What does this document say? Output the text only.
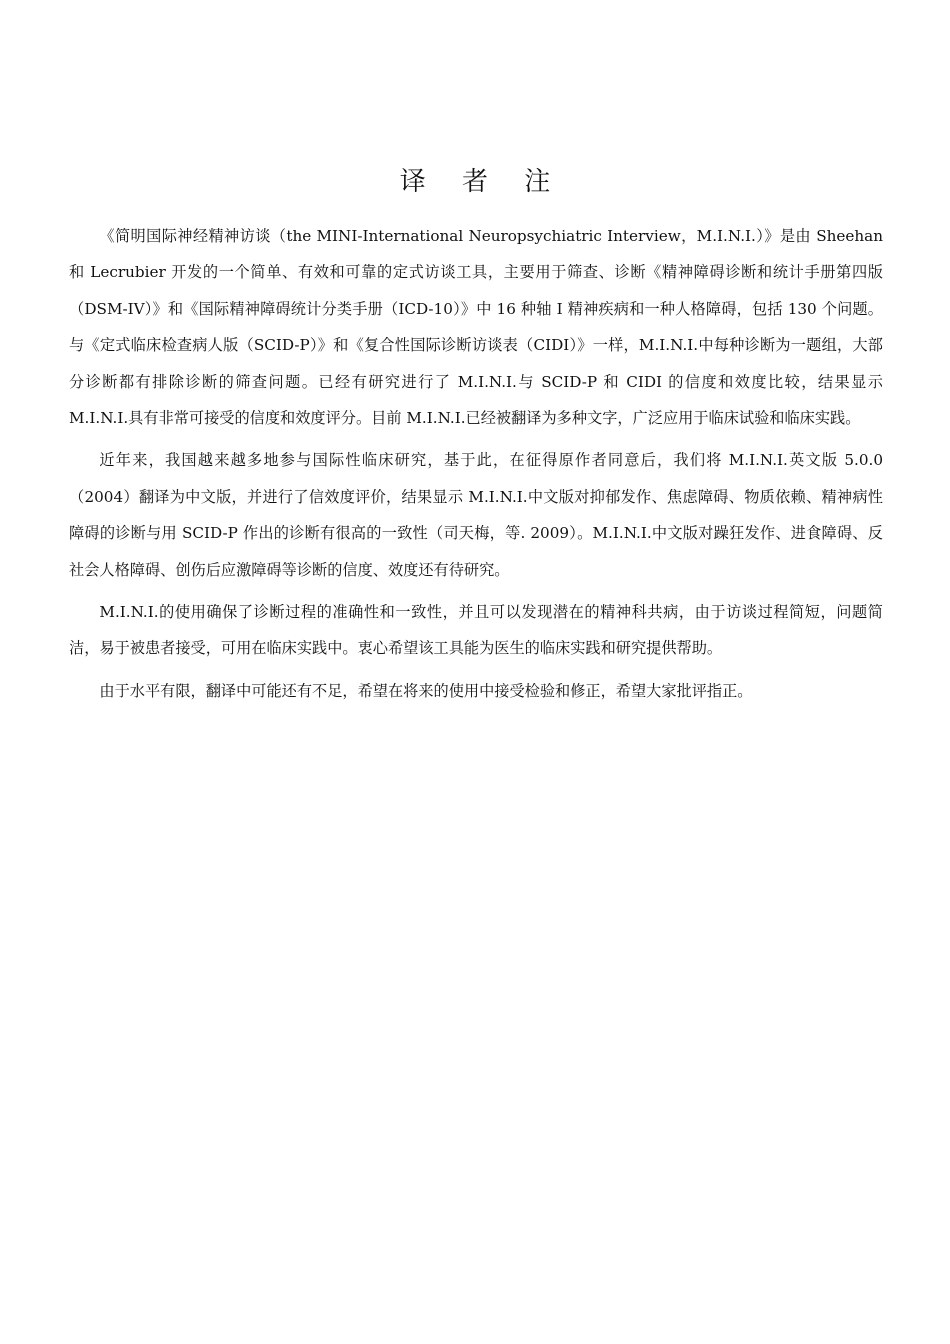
译 者 注

《简明国际神经精神访谈（the MINI-International Neuropsychiatric Interview，M.I.N.I.）》是由 Sheehan 和 Lecrubier 开发的一个简单、有效和可靠的定式访谈工具，主要用于筛查、诊断《精神障碍诊断和统计手册第四版（DSM-IV）》和《国际精神障碍统计分类手册（ICD-10）》中 16 种轴 I 精神疾病和一种人格障碍，包括 130 个问题。与《定式临床检查病人版（SCID-P）》和《复合性国际诊断访谈表（CIDI）》一样，M.I.N.I.中每种诊断为一题组，大部分诊断都有排除诊断的筛查问题。已经有研究进行了 M.I.N.I.与 SCID-P 和 CIDI 的信度和效度比较，结果显示 M.I.N.I.具有非常可接受的信度和效度评分。目前 M.I.N.I.已经被翻译为多种文字，广泛应用于临床试验和临床实践。

近年来，我国越来越多地参与国际性临床研究，基于此，在征得原作者同意后，我们将 M.I.N.I.英文版 5.0.0（2004）翻译为中文版，并进行了信效度评价，结果显示 M.I.N.I.中文版对抑郁发作、焦虑障碍、物质依赖、精神病性障碍的诊断与用 SCID-P 作出的诊断有很高的一致性（司天梅，等. 2009）。M.I.N.I.中文版对躁狂发作、进食障碍、反社会人格障碍、创伤后应激障碍等诊断的信度、效度还有待研究。

M.I.N.I.的使用确保了诊断过程的准确性和一致性，并且可以发现潜在的精神科共病，由于访谈过程简短，问题简洁，易于被患者接受，可用在临床实践中。衷心希望该工具能为医生的临床实践和研究提供帮助。

由于水平有限，翻译中可能还有不足，希望在将来的使用中接受检验和修正，希望大家批评指正。
